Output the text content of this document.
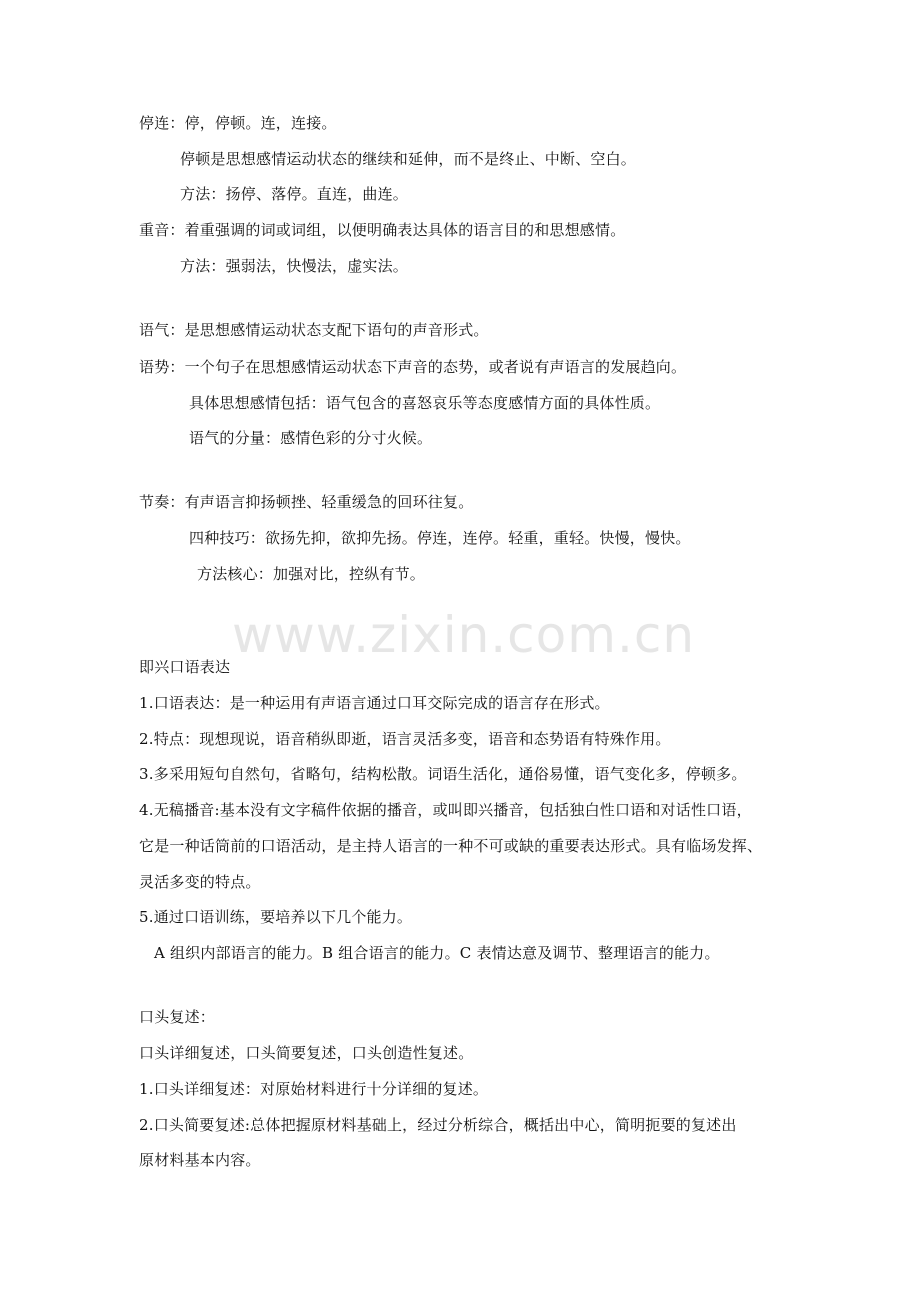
www.zixin.com.cn
停连：停，停顿。连，连接。
停顿是思想感情运动状态的继续和延伸，而不是终止、中断、空白。
方法：扬停、落停。直连，曲连。
重音：着重强调的词或词组，以便明确表达具体的语言目的和思想感情。
方法：强弱法，快慢法，虚实法。
语气：是思想感情运动状态支配下语句的声音形式。
语势：一个句子在思想感情运动状态下声音的态势，或者说有声语言的发展趋向。
具体思想感情包括：语气包含的喜怒哀乐等态度感情方面的具体性质。
语气的分量：感情色彩的分寸火候。
节奏：有声语言抑扬顿挫、轻重缓急的回环往复。
四种技巧：欲扬先抑，欲抑先扬。停连，连停。轻重，重轻。快慢，慢快。
方法核心：加强对比，控纵有节。
即兴口语表达
1.口语表达：是一种运用有声语言通过口耳交际完成的语言存在形式。
2.特点：现想现说，语音稍纵即逝，语言灵活多变，语音和态势语有特殊作用。
3.多采用短句自然句，省略句，结构松散。词语生活化，通俗易懂，语气变化多，停顿多。
4.无稿播音:基本没有文字稿件依据的播音，或叫即兴播音，包括独白性口语和对话性口语，
它是一种话筒前的口语活动，是主持人语言的一种不可或缺的重要表达形式。具有临场发挥、
灵活多变的特点。
5.通过口语训练，要培养以下几个能力。
A 组织内部语言的能力。B 组合语言的能力。C 表情达意及调节、整理语言的能力。
口头复述：
口头详细复述，口头简要复述，口头创造性复述。
1.口头详细复述：对原始材料进行十分详细的复述。
2.口头简要复述:总体把握原材料基础上，经过分析综合，概括出中心，简明扼要的复述出
原材料基本内容。
